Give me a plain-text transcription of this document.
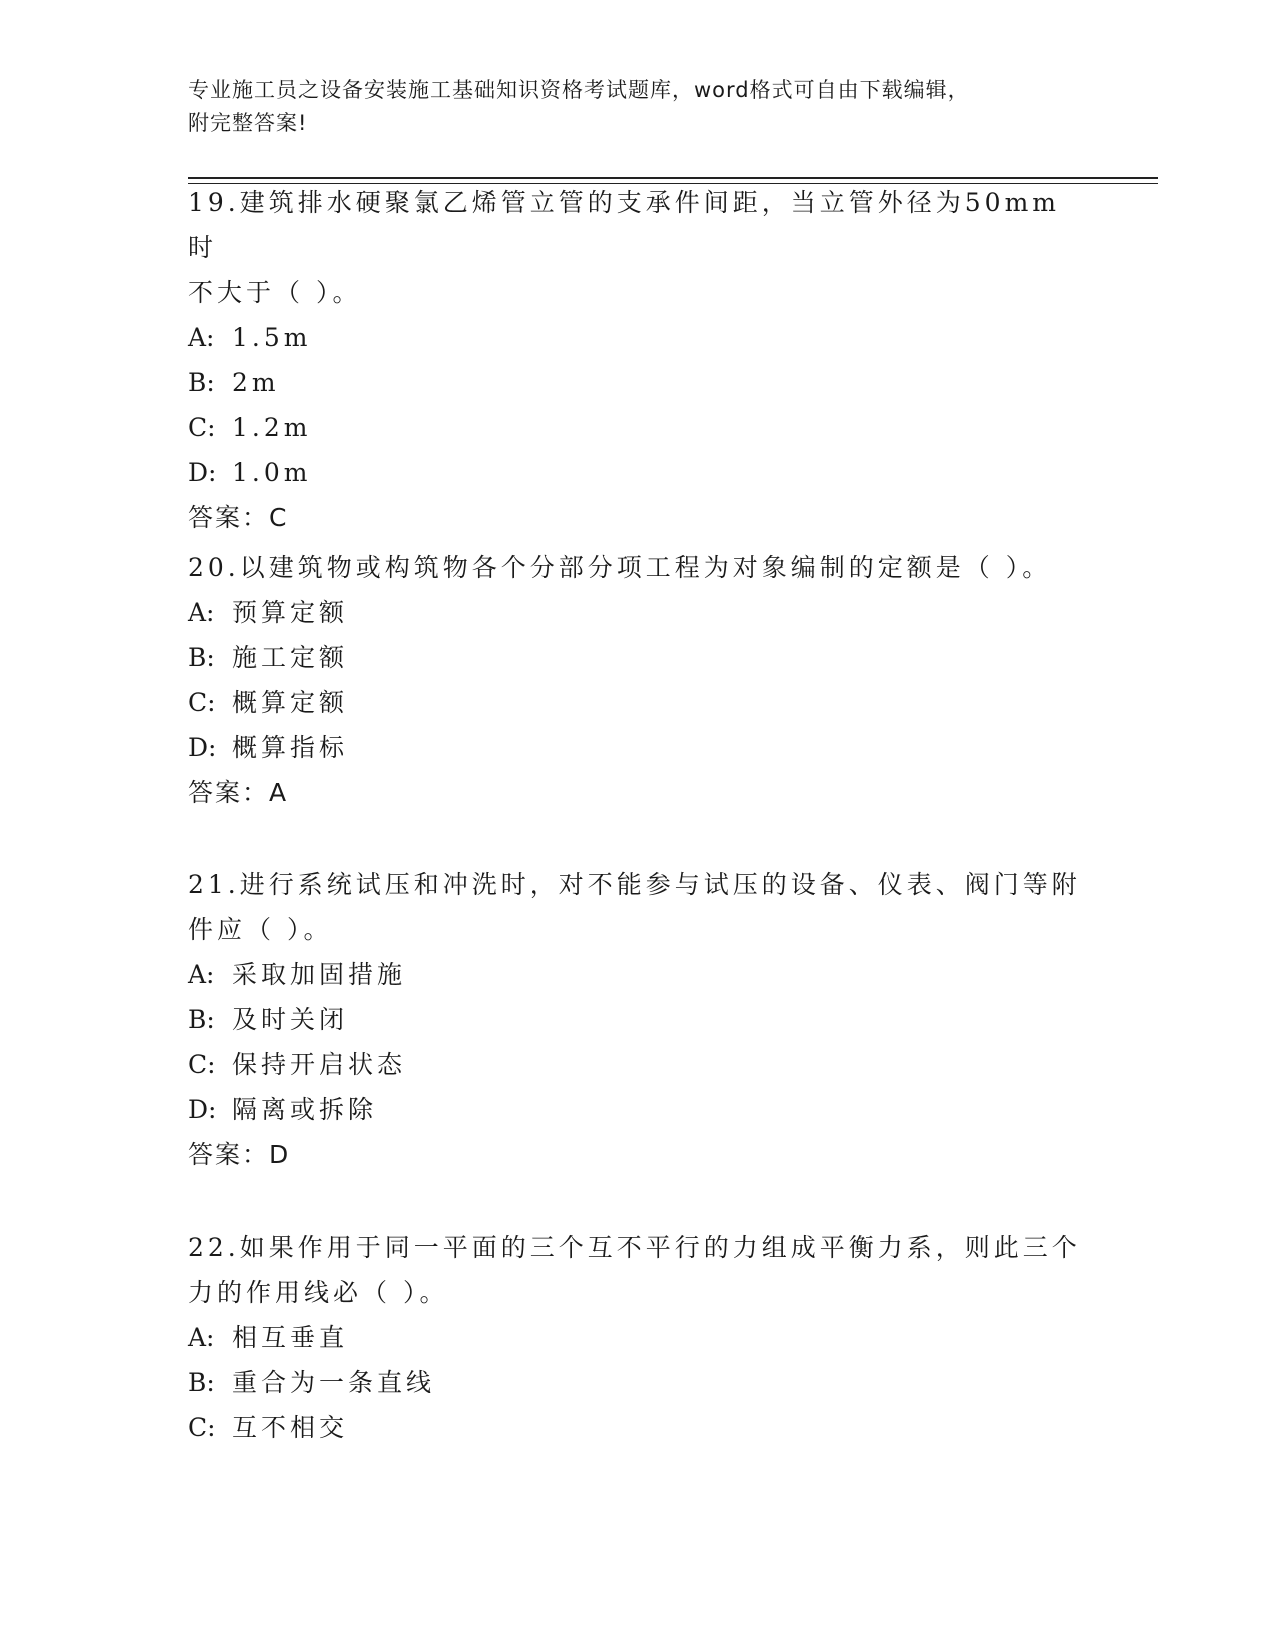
专业施工员之设备安装施工基础知识资格考试题库，word格式可自由下载编辑，
附完整答案!

19.建筑排水硬聚氯乙烯管立管的支承件间距，当立管外径为50mm时

不大于（ ）。

A: 1.5m
B: 2m
C: 1.2m
D: 1.0m
答案：C

20.以建筑物或构筑物各个分部分项工程为对象编制的定额是（ ）。

A: 预算定额
B: 施工定额
C: 概算定额
D: 概算指标
答案：A

21.进行系统试压和冲洗时，对不能参与试压的设备、仪表、阀门等附

件应（ ）。

A: 采取加固措施
B: 及时关闭
C: 保持开启状态
D: 隔离或拆除
答案：D

22.如果作用于同一平面的三个互不平行的力组成平衡力系，则此三个

力的作用线必（ ）。

A: 相互垂直
B: 重合为一条直线
C: 互不相交
